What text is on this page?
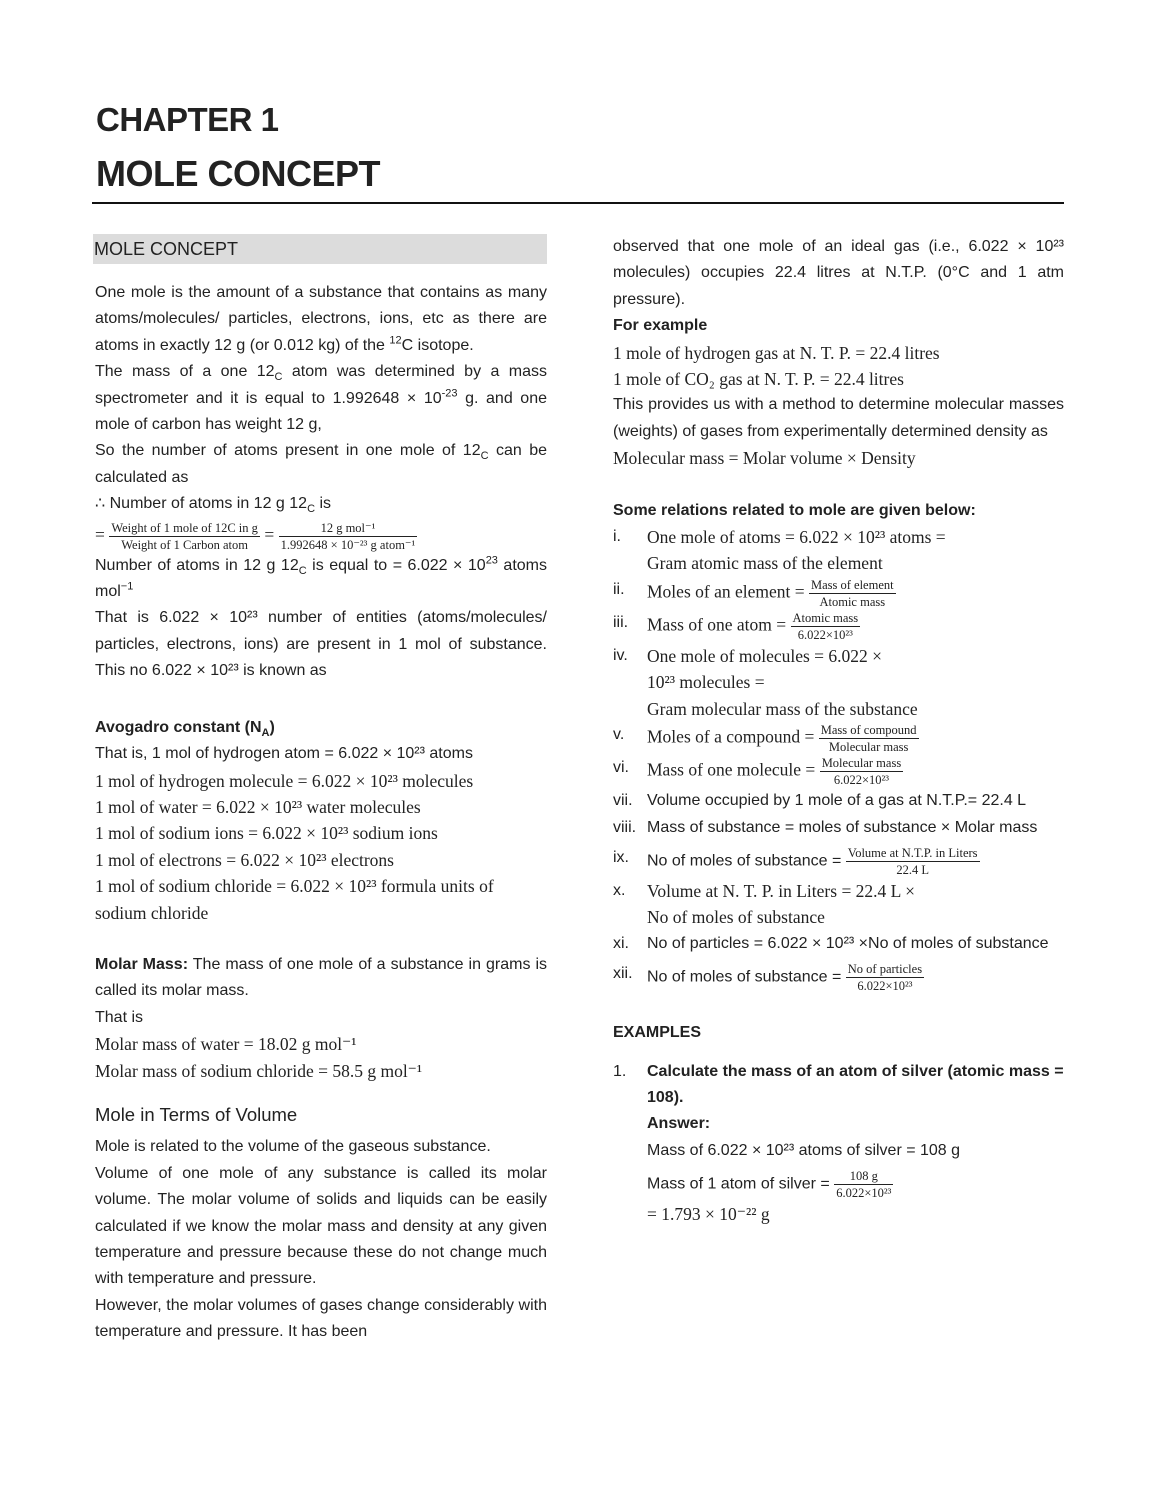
CHAPTER 1
MOLE CONCEPT
MOLE CONCEPT
One mole is the amount of a substance that contains as many atoms/molecules/ particles, electrons, ions, etc as there are atoms in exactly 12 g (or 0.012 kg) of the $^{12}$C isotope.
The mass of a one $12_C$ atom was determined by a mass spectrometer and it is equal to $1.992648 \times 10^{-23}$ g. and one mole of carbon has weight 12 g,
So the number of atoms present in one mole of $12_C$ can be calculated as
∴ Number of atoms in 12 g $12_C$ is
= $\frac{\text{Weight of 1 mole of 12C in g}}{\text{Weight of 1 Carbon atom}} = \frac{\text{12 g mol⁻¹}}{\text{1.992648 × 10⁻²³ g atom⁻¹}}$
Number of atoms in 12 g $12_C$ is equal to = $6.022 \times 10^{23}$ atoms mol$^{-1}$
That is 6.022 × 10²³ number of entities (atoms/molecules/ particles, electrons, ions) are present in 1 mol of substance. This no 6.022 × 10²³ is known as
Avogadro constant $(N_A)$
That is, 1 mol of hydrogen atom = 6.022 × 10²³ atoms
1 mol of hydrogen molecule = 6.022 × 10²³ molecules
1 mol of water = 6.022 × 10²³ water molecules
1 mol of sodium ions = 6.022 × 10²³ sodium ions
1 mol of electrons = 6.022 × 10²³ electrons
1 mol of sodium chloride = 6.022 × 10²³ formula units of sodium chloride
Molar Mass: The mass of one mole of a substance in grams is called its molar mass.
That is
Molar mass of water = 18.02 g mol⁻¹
Molar mass of sodium chloride = 58.5 g mol⁻¹
Mole in Terms of Volume
Mole is related to the volume of the gaseous substance.
Volume of one mole of any substance is called its molar volume. The molar volume of solids and liquids can be easily calculated if we know the molar mass and density at any given temperature and pressure because these do not change much with temperature and pressure.
However, the molar volumes of gases change considerably with temperature and pressure. It has been
observed that one mole of an ideal gas (i.e., 6.022 × 10²³ molecules) occupies 22.4 litres at N.T.P. (0°C and 1 atm pressure).
For example
1 mole of hydrogen gas at N. T. P. = 22.4 litres
1 mole of CO₂ gas at N. T. P. = 22.4 litres
This provides us with a method to determine molecular masses (weights) of gases from experimentally determined density as
Molecular mass = Molar volume × Density
Some relations related to mole are given below:
i. One mole of atoms = 6.022 × 10²³ atoms =
Gram atomic mass of the element
ii. Moles of an element = $\frac{\text{Mass of element}}{\text{Atomic mass}}$
iii. Mass of one atom = $\frac{\text{Atomic mass}}{\text{6.022×10²³}}$
iv. One mole of molecules = 6.022 ×
10²³ molecules =
Gram molecular mass of the substance
v. Moles of a compound = $\frac{\text{Mass of compound}}{\text{Molecular mass}}$
vi. Mass of one molecule = $\frac{\text{Molecular mass}}{\text{6.022×10²³}}$
vii. Volume occupied by 1 mole of a gas at N.T.P.= 22.4 L
viii. Mass of substance = moles of substance × Molar mass
ix. No of moles of substance = $\frac{\text{Volume at N.T.P. in Liters}}{22.4 L}$
x. Volume at N. T. P. in Liters = 22.4 L ×
No of moles of substance
xi. No of particles = 6.022 × 10²³ ×No of moles of substance
xii. No of moles of substance = $\frac{\text{No of particles}}{\text{6.022×10²³}}$
EXAMPLES
1. Calculate the mass of an atom of silver (atomic mass = 108).
Answer:
Mass of 6.022 × 10²³ atoms of silver = 108 g
Mass of 1 atom of silver = $\frac{108 g}{\text{6.022×10²³}}$
= 1.793 × 10⁻²² g
